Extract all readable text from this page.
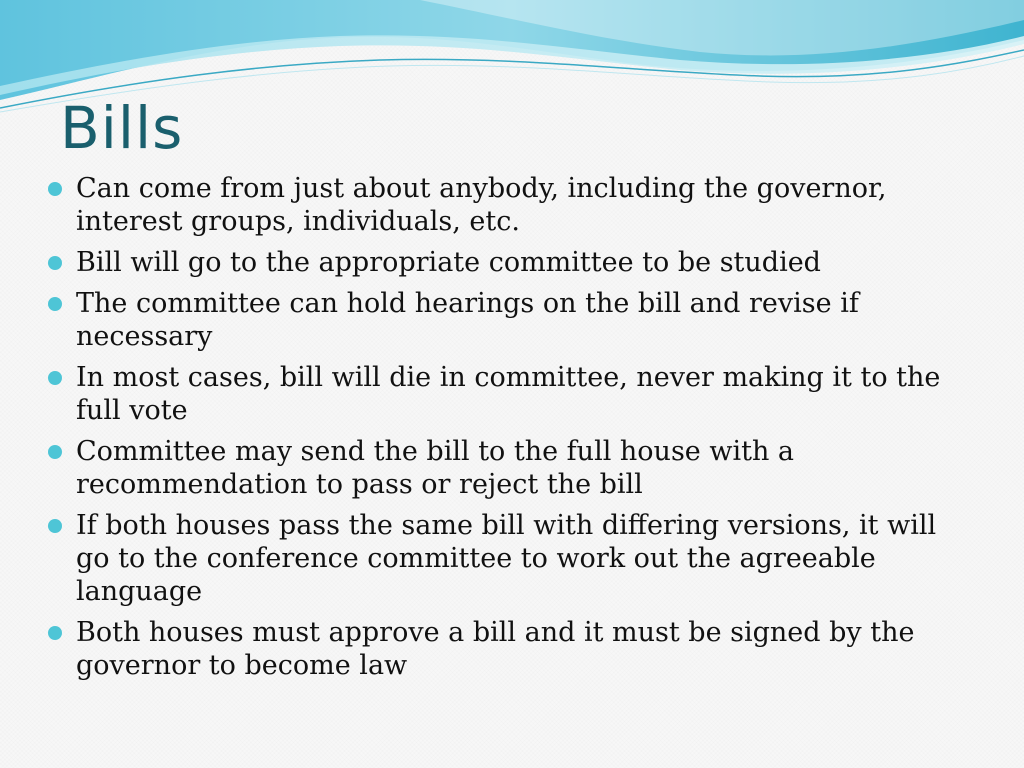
Bills
Can come from just about anybody, including the governor, interest groups, individuals, etc.
Bill will go to the appropriate committee to be studied
The committee can hold hearings on the bill and revise if necessary
In most cases, bill will die in committee, never making it to the full vote
Committee may send the bill to the full house with a recommendation to pass or reject the bill
If both houses pass the same bill with differing versions, it will go to the conference committee to work out the agreeable language
Both houses must approve a bill and it must be signed by the governor to become law
